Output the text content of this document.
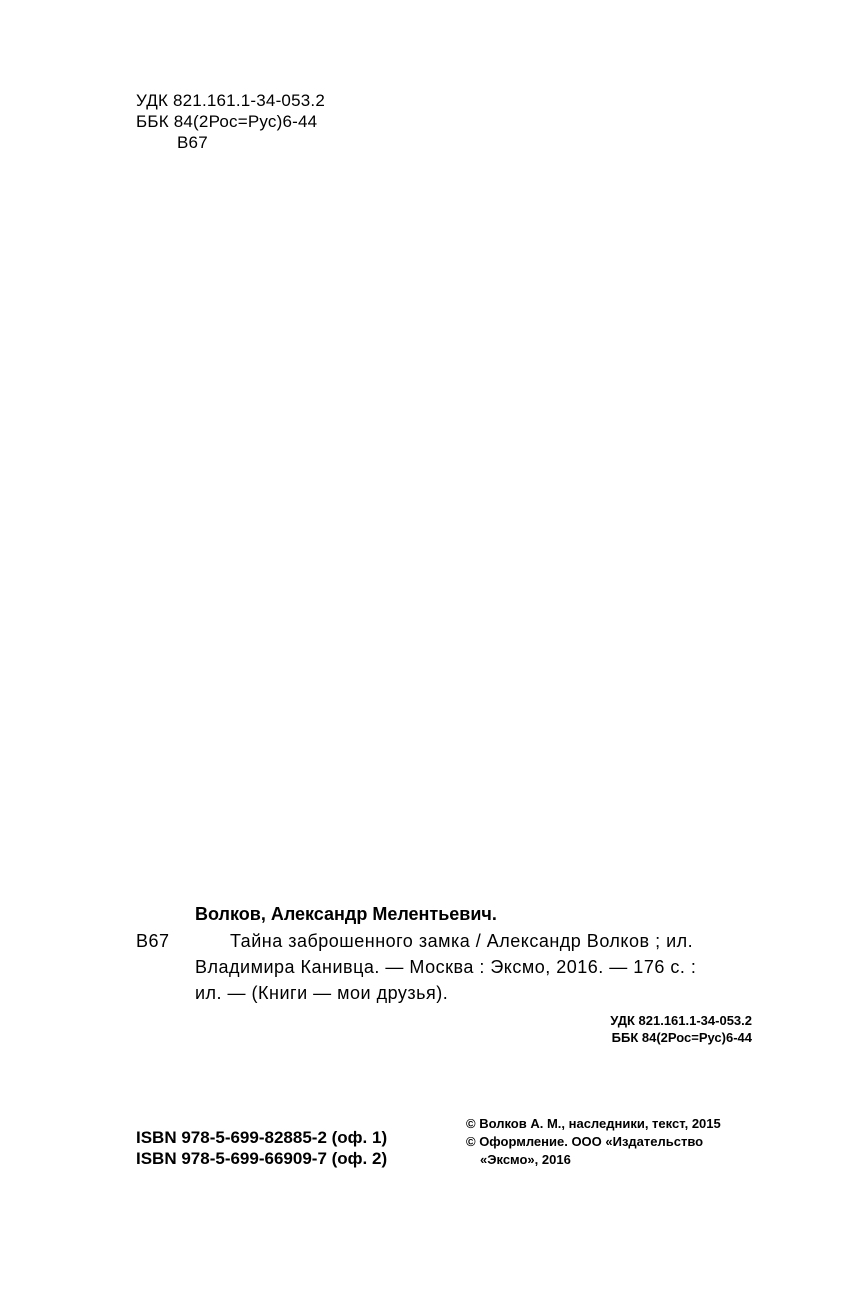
УДК 821.161.1-34-053.2
ББК 84(2Рос=Рус)6-44
В67
Волков, Александр Мелентьевич.
В67	Тайна заброшенного замка / Александр Волков ; ил.
Владимира Канивца. — Москва : Эксмо, 2016. — 176 с. :
ил. — (Книги — мои друзья).
УДК 821.161.1-34-053.2
ББК 84(2Рос=Рус)6-44
ISBN 978-5-699-82885-2 (оф. 1)
ISBN 978-5-699-66909-7 (оф. 2)
© Волков А. М., наследники, текст, 2015
© Оформление. ООО «Издательство
«Эксмо», 2016
